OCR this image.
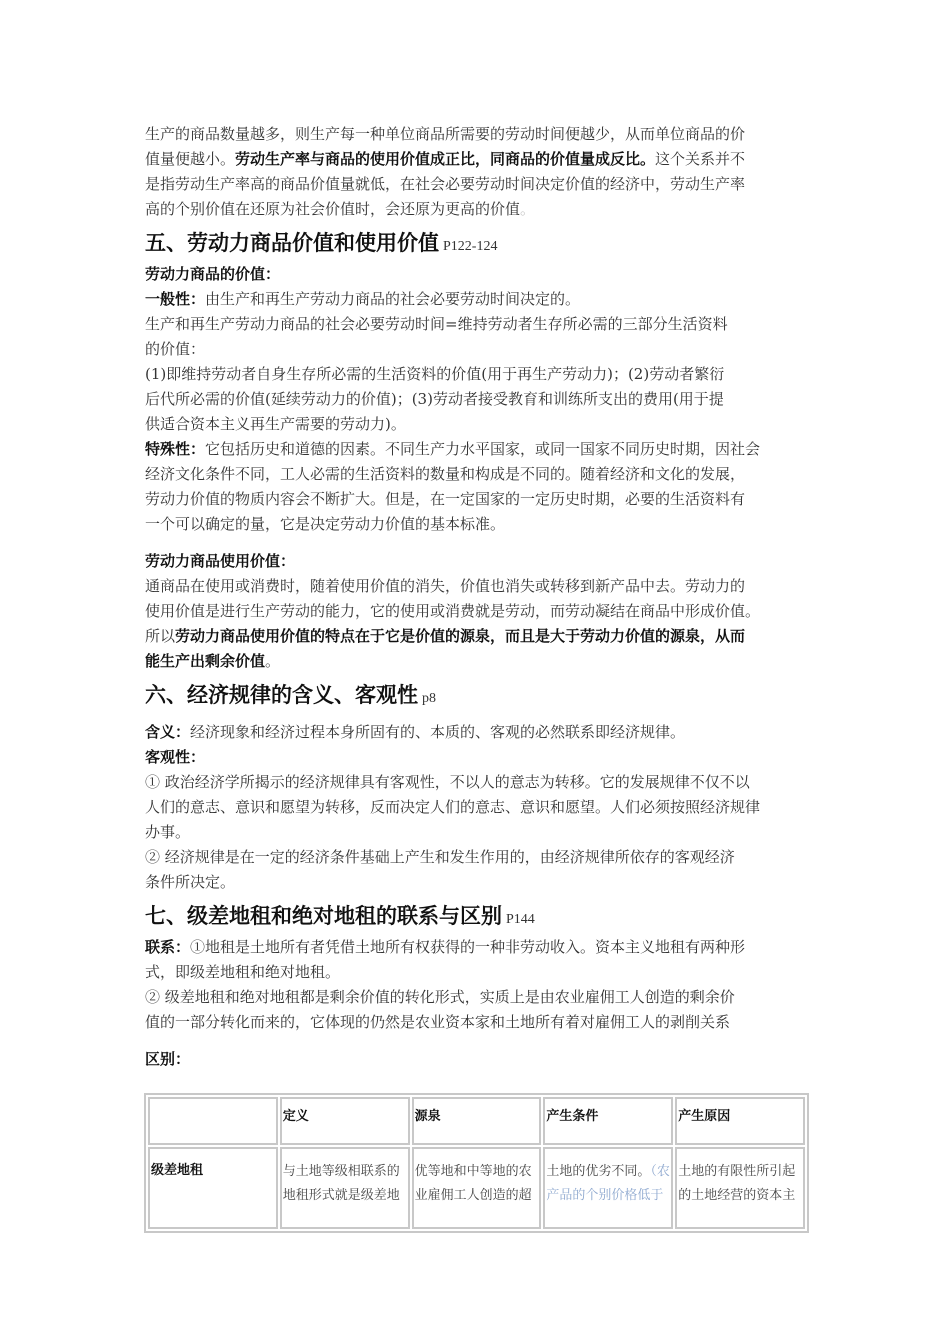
生产的商品数量越多，则生产每一种单位商品所需要的劳动时间便越少，从而单位商品的价
值量便越小。劳动生产率与商品的使用价值成正比，同商品的价值量成反比。这个关系并不
是指劳动生产率高的商品价值量就低，在社会必要劳动时间决定价值的经济中，劳动生产率
高的个别价值在还原为社会价值时，会还原为更高的价值。

五、劳动力商品价值和使用价值 P122-124

劳动力商品的价值：

一般性：由生产和再生产劳动力商品的社会必要劳动时间决定的。

生产和再生产劳动力商品的社会必要劳动时间=维持劳动者生存所必需的三部分生活资料
的价值：

(1)即维持劳动者自身生存所必需的生活资料的价值(用于再生产劳动力)；(2)劳动者繁衍
后代所必需的价值(延续劳动力的价值)；(3)劳动者接受教育和训练所支出的费用(用于提
供适合资本主义再生产需要的劳动力)。

特殊性：它包括历史和道德的因素。不同生产力水平国家，或同一国家不同历史时期，因社会
经济文化条件不同，工人必需的生活资料的数量和构成是不同的。随着经济和文化的发展，
劳动力价值的物质内容会不断扩大。但是，在一定国家的一定历史时期，必要的生活资料有
一个可以确定的量，它是决定劳动力价值的基本标准。

劳动力商品使用价值：

通商品在使用或消费时，随着使用价值的消失，价值也消失或转移到新产品中去。劳动力的
使用价值是进行生产劳动的能力，它的使用或消费就是劳动，而劳动凝结在商品中形成价值。
所以劳动力商品使用价值的特点在于它是价值的源泉，而且是大于劳动力价值的源泉，从而
能生产出剩余价值。

六、经济规律的含义、客观性 p8

含义：经济现象和经济过程本身所固有的、本质的、客观的必然联系即经济规律。

客观性：

① 政治经济学所揭示的经济规律具有客观性，不以人的意志为转移。它的发展规律不仅不以
人们的意志、意识和愿望为转移，反而决定人们的意志、意识和愿望。人们必须按照经济规律
办事。

② 经济规律是在一定的经济条件基础上产生和发生作用的，由经济规律所依存的客观经济
条件所决定。

七、级差地租和绝对地租的联系与区别 P144

联系：①地租是土地所有者凭借土地所有权获得的一种非劳动收入。资本主义地租有两种形
式，即级差地租和绝对地租。

② 级差地租和绝对地租都是剩余价值的转化形式，实质上是由农业雇佣工人创造的剩余价
值的一部分转化而来的，它体现的仍然是农业资本家和土地所有着对雇佣工人的剥削关系

区别：

	定义	源泉	产生条件	产生原因
级差地租	与土地等级相联系的地租形式就是级差地	优等地和中等地的农业雇佣工人创造的超	土地的优劣不同。（农产品的个别价格低于	土地的有限性所引起的土地经营的资本主
